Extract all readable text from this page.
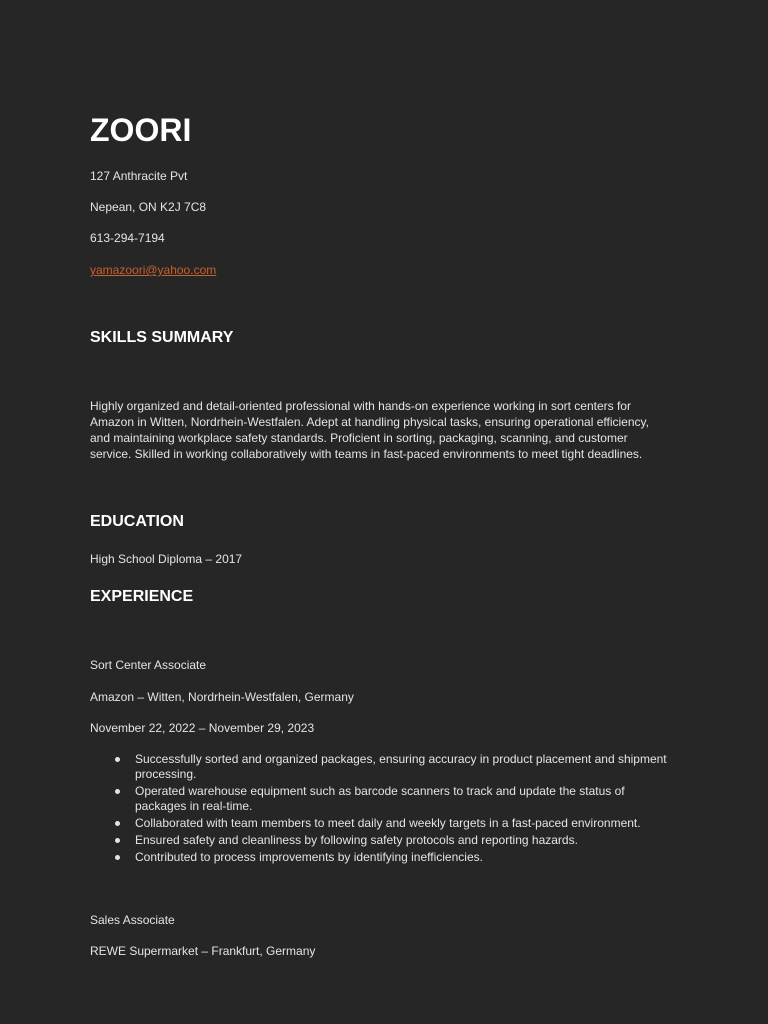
ZOORI
127 Anthracite Pvt
Nepean, ON K2J 7C8
613-294-7194
yamazoori@yahoo.com
SKILLS SUMMARY
Highly organized and detail-oriented professional with hands-on experience working in sort centers for Amazon in Witten, Nordrhein-Westfalen. Adept at handling physical tasks, ensuring operational efficiency, and maintaining workplace safety standards. Proficient in sorting, packaging, scanning, and customer service. Skilled in working collaboratively with teams in fast-paced environments to meet tight deadlines.
EDUCATION
High School Diploma – 2017
EXPERIENCE
Sort Center Associate
Amazon – Witten, Nordrhein-Westfalen, Germany
November 22, 2022 – November 29, 2023
Successfully sorted and organized packages, ensuring accuracy in product placement and shipment processing.
Operated warehouse equipment such as barcode scanners to track and update the status of packages in real-time.
Collaborated with team members to meet daily and weekly targets in a fast-paced environment.
Ensured safety and cleanliness by following safety protocols and reporting hazards.
Contributed to process improvements by identifying inefficiencies.
Sales Associate
REWE Supermarket – Frankfurt, Germany
